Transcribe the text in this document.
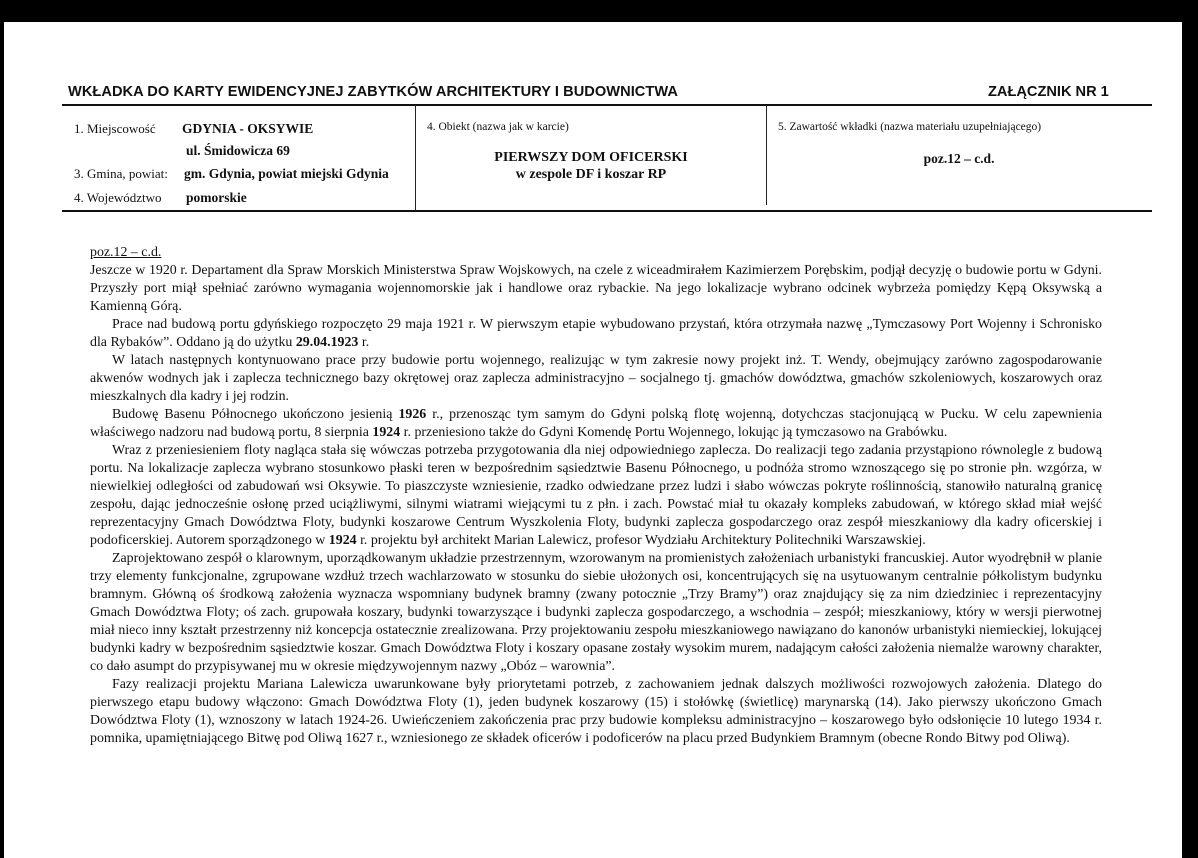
WKŁADKA DO KARTY EWIDENCYJNEJ ZABYTKÓW ARCHITEKTURY I BUDOWNICTWA	ZAŁĄCZNIK NR 1
1. Miejscowość GDYNIA - OKSYWIE
ul. Śmidowicza 69
3. Gmina, powiat: gm. Gdynia, powiat miejski Gdynia
4. Województwo pomorskie
4. Obiekt (nazwa jak w karcie)
PIERWSZY DOM OFICERSKI
w zespole DF i koszar RP
5. Zawartość wkładki (nazwa materiału uzupełniającego)
poz.12 – c.d.
poz.12 – c.d.

Jeszcze w 1920 r. Departament dla Spraw Morskich Ministerstwa Spraw Wojskowych, na czele z wiceadmirałem Kazimierzem Porębskim, podjął decyzję o budowie portu w Gdyni. Przyszły port miął spełniać zarówno wymagania wojennomorskie jak i handlowe oraz rybackie. Na jego lokalizacje wybrano odcinek wybrzeża pomiędzy Kępą Oksywską a Kamienną Górą.

Prace nad budową portu gdyńskiego rozpoczęto 29 maja 1921 r. W pierwszym etapie wybudowano przystań, która otrzymała nazwę „Tymczasowy Port Wojenny i Schronisko dla Rybaków”. Oddano ją do użytku 29.04.1923 r.

W latach następnych kontynuowano prace przy budowie portu wojennego, realizując w tym zakresie nowy projekt inż. T. Wendy, obejmujący zarówno zagospodarowanie akwenów wodnych jak i zaplecza technicznego bazy okrętowej oraz zaplecza administracyjno – socjalnego tj. gmachów dowództwa, gmachów szkoleniowych, koszarowych oraz mieszkalnych dla kadry i jej rodzin.

Budowę Basenu Północnego ukończono jesienią 1926 r., przenosząc tym samym do Gdyni polską flotę wojenną, dotychczas stacjonującą w Pucku. W celu zapewnienia właściwego nadzoru nad budową portu, 8 sierpnia 1924 r. przeniesiono także do Gdyni Komendę Portu Wojennego, lokując ją tymczasowo na Grabówku.

Wraz z przeniesieniem floty nagląca stała się wówczas potrzeba przygotowania dla niej odpowiedniego zaplecza. Do realizacji tego zadania przystąpiono równolegle z budową portu. Na lokalizacje zaplecza wybrano stosunkowo płaski teren w bezpośrednim sąsiedztwie Basenu Północnego, u podnóża stromo wznoszącego się po stronie płn. wzgórza, w niewielkiej odległości od zabudowań wsi Oksywie. To piaszczyste wzniesienie, rzadko odwiedzane przez ludzi i słabo wówczas pokryte roślinnością, stanowiło naturalną granicę zespołu, dając jednocześnie osłonę przed uciążliwymi, silnymi wiatrami wiejącymi tu z płn. i zach. Powstać miał tu okazały kompleks zabudowań, w którego skład miał wejść reprezentacyjny Gmach Dowództwa Floty, budynki koszarowe Centrum Wyszkolenia Floty, budynki zaplecza gospodarczego oraz zespół mieszkaniowy dla kadry oficerskiej i podoficerskiej. Autorem sporządzonego w 1924 r. projektu był architekt Marian Lalewicz, profesor Wydziału Architektury Politechniki Warszawskiej.

Zaprojektowano zespół o klarownym, uporządkowanym układzie przestrzennym, wzorowanym na promienistych założeniach urbanistyki francuskiej. Autor wyodrębnił w planie trzy elementy funkcjonalne, zgrupowane wzdłuż trzech wachlarzowato w stosunku do siebie ułożonych osi, koncentrujących się na usytuowanym centralnie półkolistym budynku bramnym. Główną oś środkową założenia wyznacza wspomniany budynek bramny (zwany potocznie „Trzy Bramy”) oraz znajdujący się za nim dziedziniec i reprezentacyjny Gmach Dowództwa Floty; oś zach. grupowała koszary, budynki towarzyszące i budynki zaplecza gospodarczego, a wschodnia – zespół; mieszkaniowy, który w wersji pierwotnej miał nieco inny kształt przestrzenny niż koncepcja ostatecznie zrealizowana. Przy projektowaniu zespołu mieszkaniowego nawiązano do kanonów urbanistyki niemieckiej, lokującej budynki kadry w bezpośrednim sąsiedztwie koszar. Gmach Dowództwa Floty i koszary opasane zostały wysokim murem, nadającym całości założenia niemalże warowny charakter, co dało asumpt do przypisywanej mu w okresie międzywojennym nazwy „Obóz – warownia”.

Fazy realizacji projektu Mariana Lalewicza uwarunkowane były priorytetami potrzeb, z zachowaniem jednak dalszych możliwości rozwojowych założenia. Dlatego do pierwszego etapu budowy włączono: Gmach Dowództwa Floty (1), jeden budynek koszarowy (15) i stołówkę (świetlicę) marynarską (14). Jako pierwszy ukończono Gmach Dowództwa Floty (1), wznoszony w latach 1924-26. Uwieńczeniem zakończenia prac przy budowie kompleksu administracyjno – koszarowego było odsłonięcie 10 lutego 1934 r. pomnika, upamiętniającego Bitwę pod Oliwą 1627 r., wzniesionego ze składek oficerów i podoficerów na placu przed Budynkiem Bramnym (obecne Rondo Bitwy pod Oliwą).
